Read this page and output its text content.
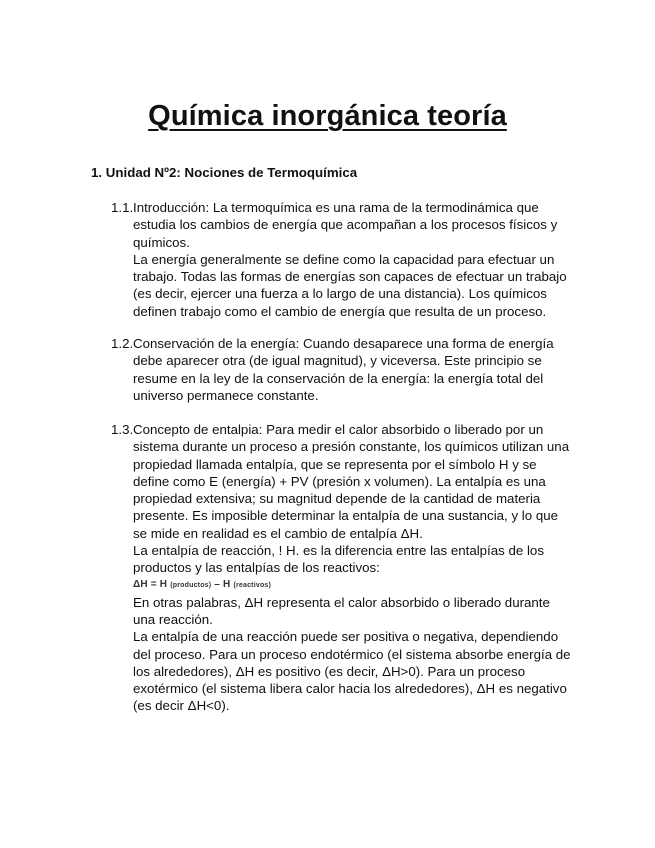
Química inorgánica teoría
1. Unidad Nº2: Nociones de Termoquímica
1.1. Introducción: La termoquímica es una rama de la termodinámica que estudia los cambios de energía que acompañan a los procesos físicos y químicos.

La energía generalmente se define como la capacidad para efectuar un trabajo. Todas las formas de energías son capaces de efectuar un trabajo (es decir, ejercer una fuerza a lo largo de una distancia). Los químicos definen trabajo como el cambio de energía que resulta de un proceso.

1.2. Conservación de la energía: Cuando desaparece una forma de energía debe aparecer otra (de igual magnitud), y viceversa. Este principio se resume en la ley de la conservación de la energía: la energía total del universo permanece constante.

1.3. Concepto de entalpia: Para medir el calor absorbido o liberado por un sistema durante un proceso a presión constante, los químicos utilizan una propiedad llamada entalpía, que se representa por el símbolo H y se define como E (energía) + PV (presión x volumen). La entalpía es una propiedad extensiva; su magnitud depende de la cantidad de materia presente. Es imposible determinar la entalpía de una sustancia, y lo que se mide en realidad es el cambio de entalpía ΔH.

La entalpía de reacción, ! H. es la diferencia entre las entalpías de los productos y las entalpías de los reactivos:

ΔH = H (productos) – H (reactivos)

En otras palabras, ΔH representa el calor absorbido o liberado durante una reacción.

La entalpía de una reacción puede ser positiva o negativa, dependiendo del proceso. Para un proceso endotérmico (el sistema absorbe energía de los alrededores), ΔH es positivo (es decir, ΔH>0). Para un proceso exotérmico (el sistema libera calor hacia los alrededores), ΔH es negativo (es decir ΔH<0).
